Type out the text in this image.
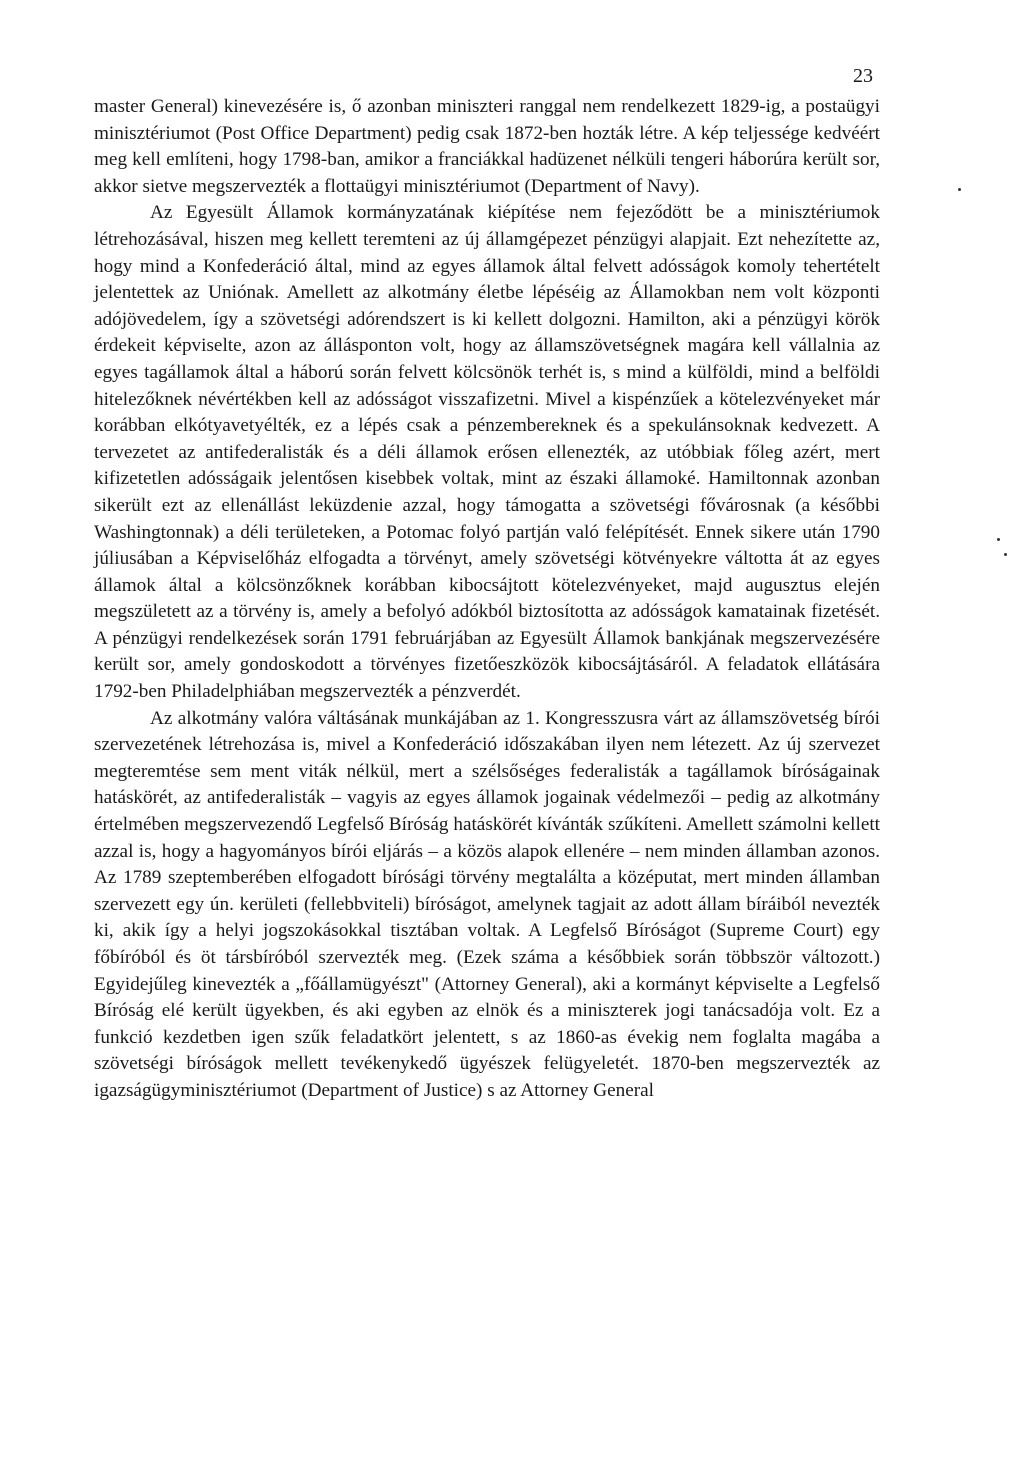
23

master General) kinevezésére is, ő azonban miniszteri ranggal nem rendelkezett 1829-ig, a postaügyi minisztériumot (Post Office Department) pedig csak 1872-ben hozták létre. A kép teljessége kedvéért meg kell említeni, hogy 1798-ban, amikor a franciákkal hadüzenet nélküli tengeri háborúra került sor, akkor sietve megszervezték a flottaügyi minisztériumot (Department of Navy).

Az Egyesült Államok kormányzatának kiépítése nem fejeződött be a minisztériumok létrehozásával, hiszen meg kellett teremteni az új államgépezet pénzügyi alapjait. Ezt nehezítette az, hogy mind a Konfederáció által, mind az egyes államok által felvett adósságok komoly tehertételt jelentettek az Uniónak. Amellett az alkotmány életbe lépéséig az Államokban nem volt központi adójövedelem, így a szövetségi adórendszert is ki kellett dolgozni. Hamilton, aki a pénzügyi körök érdekeit képviselte, azon az állásponton volt, hogy az államszövetségnek magára kell vállalnia az egyes tagállamok által a háború során felvett kölcsönök terhét is, s mind a külföldi, mind a belföldi hitelezőknek névértékben kell az adósságot visszafizetni. Mivel a kispénzűek a kötelezvényeket már korábban elkótyavetyélték, ez a lépés csak a pénzembereknek és a spekulánsoknak kedvezett. A tervezetet az antifederalisták és a déli államok erősen ellenezték, az utóbbiak főleg azért, mert kifizetetlen adósságaik jelentősen kisebbek voltak, mint az északi államoké. Hamiltonnak azonban sikerült ezt az ellenállást leküzdenie azzal, hogy támogatta a szövetségi fővárosnak (a későbbi Washingtonnak) a déli területeken, a Potomac folyó partján való felépítését. Ennek sikere után 1790 júliusában a Képviselőház elfogadta a törvényt, amely szövetségi kötvényekre váltotta át az egyes államok által a kölcsönzőknek korábban kibocsájtott kötelezvényeket, majd augusztus elején megszületett az a törvény is, amely a befolyó adókból biztosította az adósságok kamatainak fizetését. A pénzügyi rendelkezések során 1791 februárjában az Egyesült Államok bankjának megszervezésére került sor, amely gondoskodott a törvényes fizetőeszközök kibocsájtásáról. A feladatok ellátására 1792-ben Philadelphiában megszervezték a pénzverdét.

Az alkotmány valóra váltásának munkájában az 1. Kongresszusra várt az államszövetség bírói szervezetének létrehozása is, mivel a Konfederáció időszakában ilyen nem létezett. Az új szervezet megteremtése sem ment viták nélkül, mert a szélsőséges federalisták a tagállamok bíróságainak hatáskörét, az antifederalisták – vagyis az egyes államok jogainak védelmezői – pedig az alkotmány értelmében megszervezendő Legfelső Bíróság hatáskörét kívánták szűkíteni. Amellett számolni kellett azzal is, hogy a hagyományos bírói eljárás – a közös alapok ellenére – nem minden államban azonos. Az 1789 szeptemberében elfogadott bírósági törvény megtalálta a középutat, mert minden államban szervezett egy ún. kerületi (fellebbviteli) bíróságot, amelynek tagjait az adott állam bíráiból nevezték ki, akik így a helyi jogszokásokkal tisztában voltak. A Legfelső Bíróságot (Supreme Court) egy főbíróból és öt társbíróból szervezték meg. (Ezek száma a későbbiek során többször változott.) Egyidejűleg kinevezték a „főállamügyészt" (Attorney General), aki a kormányt képviselte a Legfelső Bíróság elé került ügyekben, és aki egyben az elnök és a miniszterek jogi tanácsadója volt. Ez a funkció kezdetben igen szűk feladatkört jelentett, s az 1860-as évekig nem foglalta magába a szövetségi bíróságok mellett tevékenykedő ügyészek felügyeletét. 1870-ben megszervezték az igazságügyminisztériumot (Department of Justice) s az Attorney General
